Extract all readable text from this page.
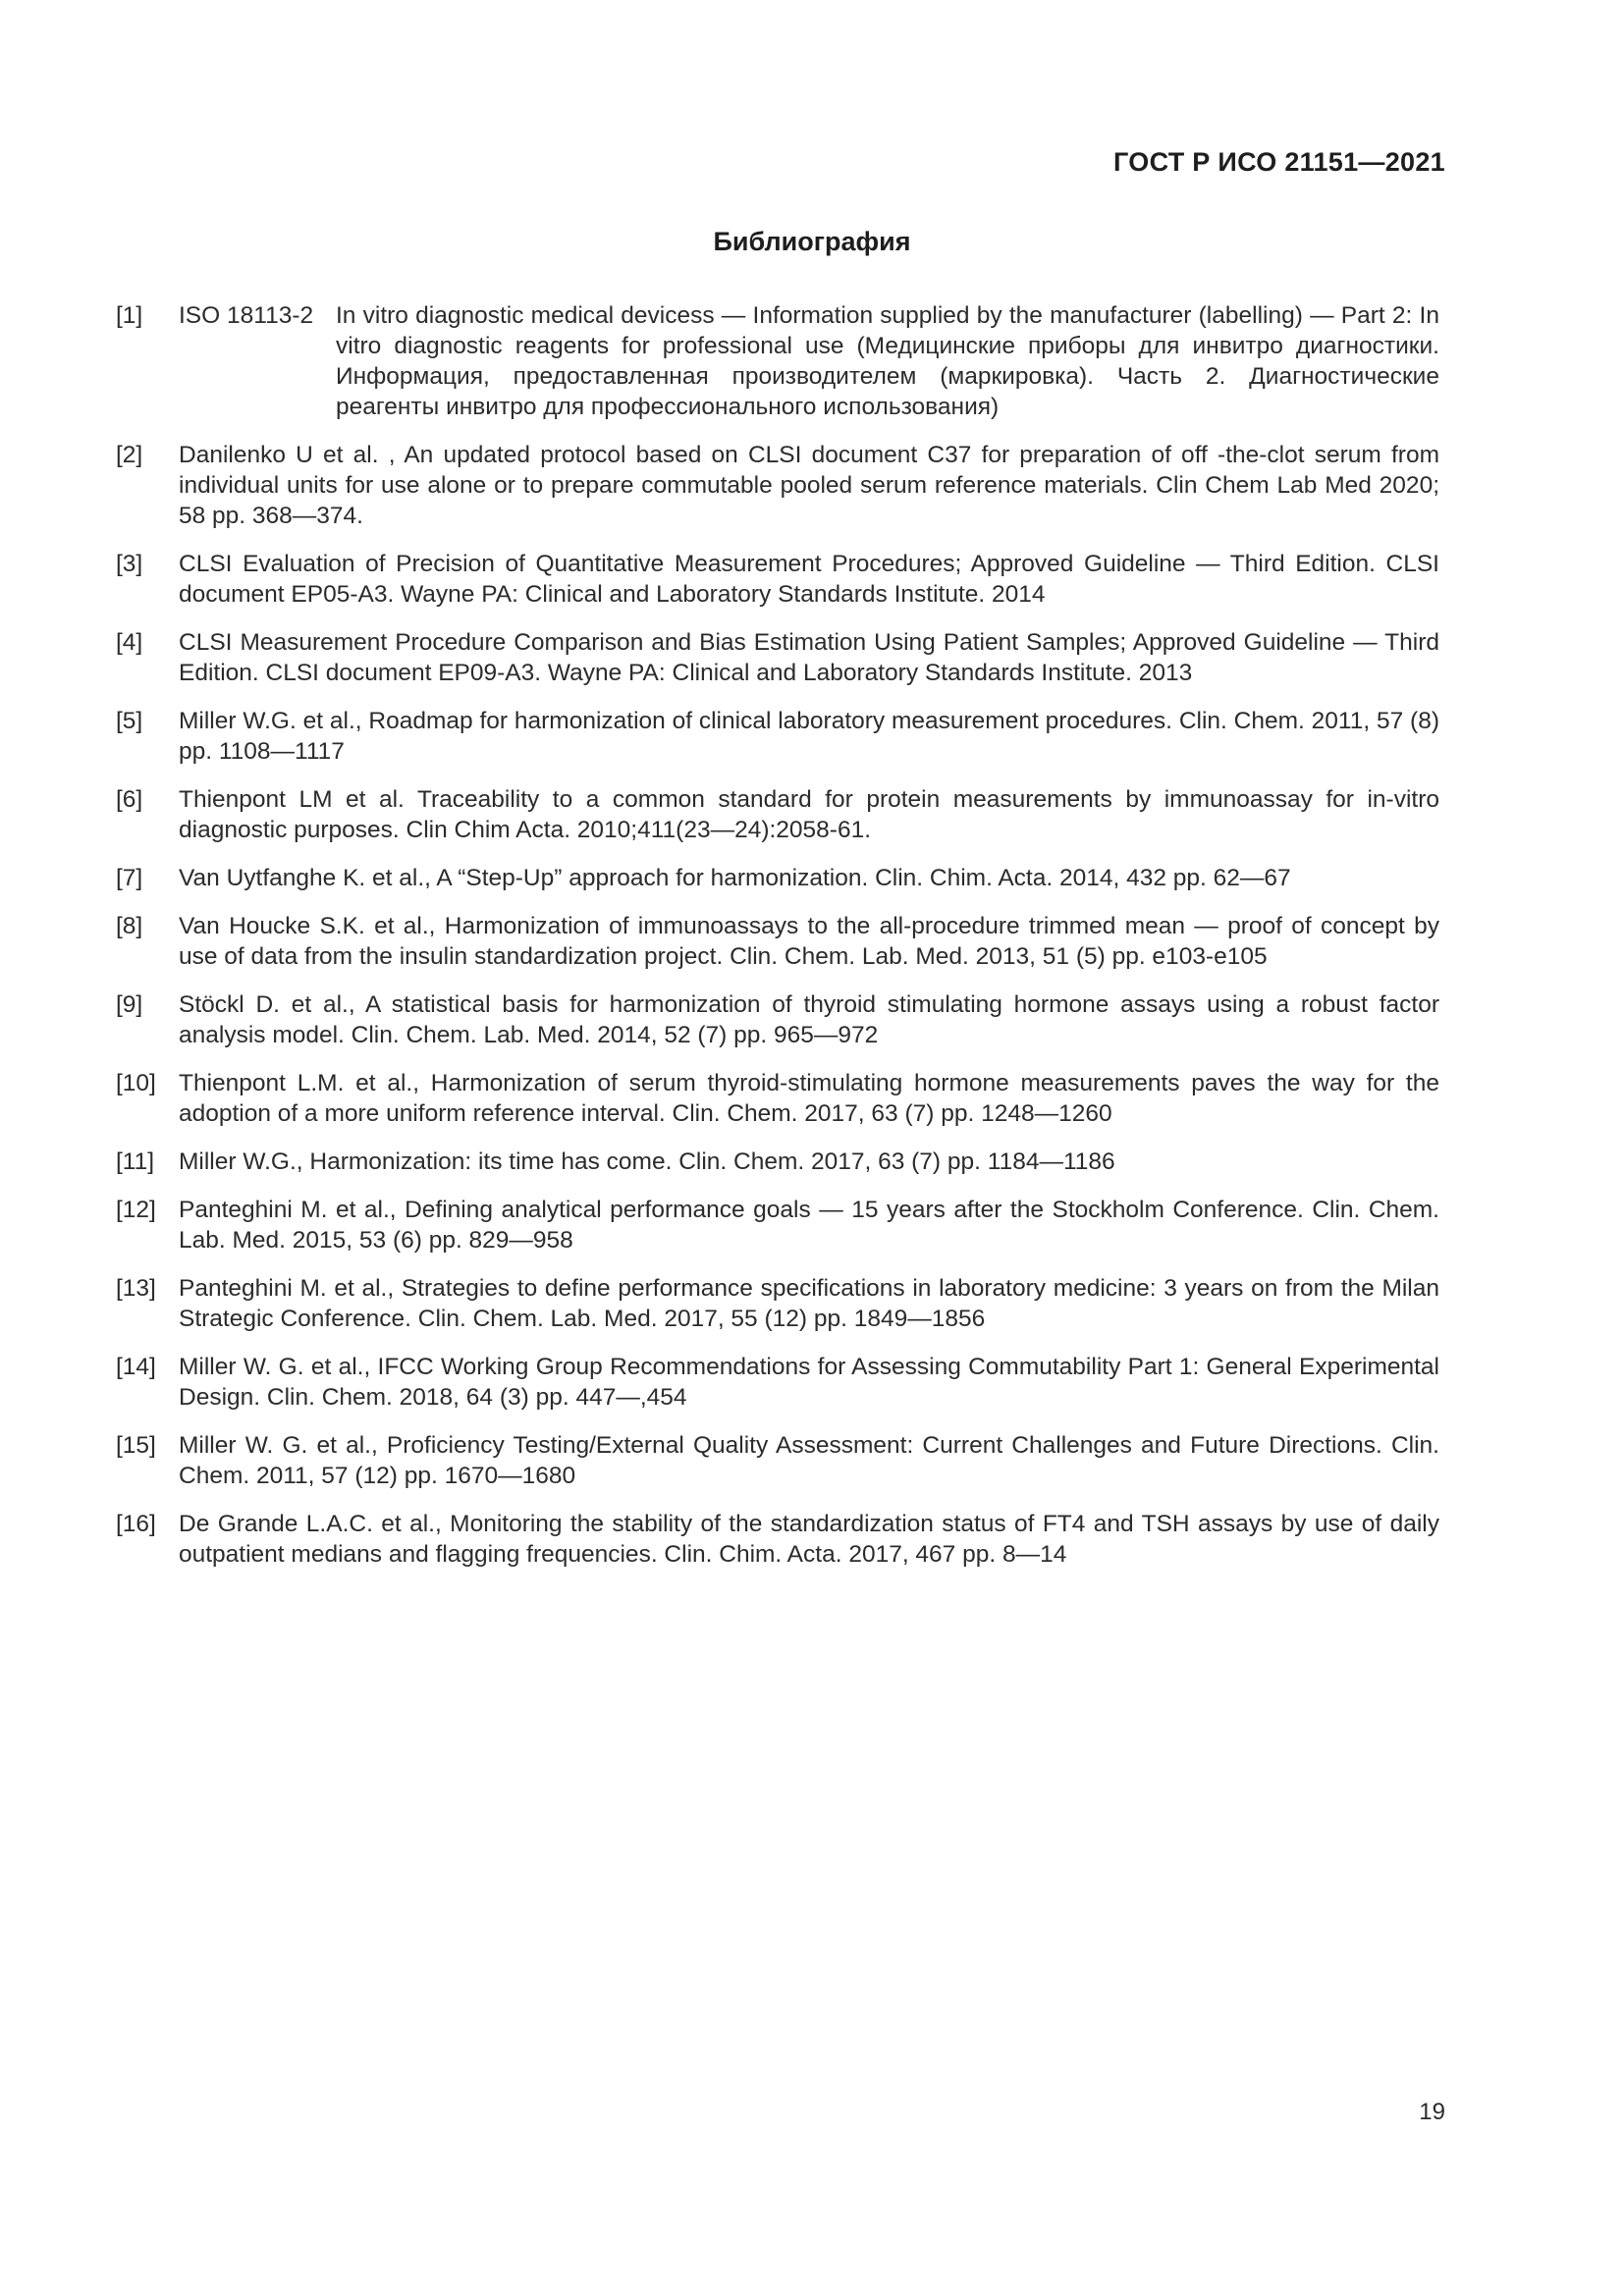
ГОСТ Р ИСО 21151—2021
Библиография
[1] ISO 18113-2 In vitro diagnostic medical devicess — Information supplied by the manufacturer (labelling) — Part 2: In vitro diagnostic reagents for professional use (Медицинские приборы для инвитро диагностики. Информация, предоставленная производителем (маркировка). Часть 2. Диагностические реагенты инвитро для профессионального использования)
[2] Danilenko U et al. , An updated protocol based on CLSI document C37 for preparation of off -the-clot serum from individual units for use alone or to prepare commutable pooled serum reference materials. Clin Chem Lab Med 2020; 58 pp. 368—374.
[3] CLSI Evaluation of Precision of Quantitative Measurement Procedures; Approved Guideline — Third Edition. CLSI document EP05-A3. Wayne PA: Clinical and Laboratory Standards Institute. 2014
[4] CLSI Measurement Procedure Comparison and Bias Estimation Using Patient Samples; Approved Guideline — Third Edition. CLSI document EP09-A3. Wayne PA: Clinical and Laboratory Standards Institute. 2013
[5] Miller W.G. et al., Roadmap for harmonization of clinical laboratory measurement procedures. Clin. Chem. 2011, 57 (8) pp. 1108—1117
[6] Thienpont LM et al. Traceability to a common standard for protein measurements by immunoassay for in-vitro diagnostic purposes. Clin Chim Acta. 2010;411(23—24):2058-61.
[7] Van Uytfanghe K. et al., A “Step-Up” approach for harmonization. Clin. Chim. Acta. 2014, 432 pp. 62—67
[8] Van Houcke S.K. et al., Harmonization of immunoassays to the all-procedure trimmed mean — proof of concept by use of data from the insulin standardization project. Clin. Chem. Lab. Med. 2013, 51 (5) pp. e103-e105
[9] Stöckl D. et al., A statistical basis for harmonization of thyroid stimulating hormone assays using a robust factor analysis model. Clin. Chem. Lab. Med. 2014, 52 (7) pp. 965—972
[10] Thienpont L.M. et al., Harmonization of serum thyroid-stimulating hormone measurements paves the way for the adoption of a more uniform reference interval. Clin. Chem. 2017, 63 (7) pp. 1248—1260
[11] Miller W.G., Harmonization: its time has come. Clin. Chem. 2017, 63 (7) pp. 1184—1186
[12] Panteghini M. et al., Defining analytical performance goals — 15 years after the Stockholm Conference. Clin. Chem. Lab. Med. 2015, 53 (6) pp. 829—958
[13] Panteghini M. et al., Strategies to define performance specifications in laboratory medicine: 3 years on from the Milan Strategic Conference. Clin. Chem. Lab. Med. 2017, 55 (12) pp. 1849—1856
[14] Miller W. G. et al., IFCC Working Group Recommendations for Assessing Commutability Part 1: General Experimental Design. Clin. Chem. 2018, 64 (3) pp. 447—,454
[15] Miller W. G. et al., Proficiency Testing/External Quality Assessment: Current Challenges and Future Directions. Clin. Chem. 2011, 57 (12) pp. 1670—1680
[16] De Grande L.A.C. et al., Monitoring the stability of the standardization status of FT4 and TSH assays by use of daily outpatient medians and flagging frequencies. Clin. Chim. Acta. 2017, 467 pp. 8—14
19
